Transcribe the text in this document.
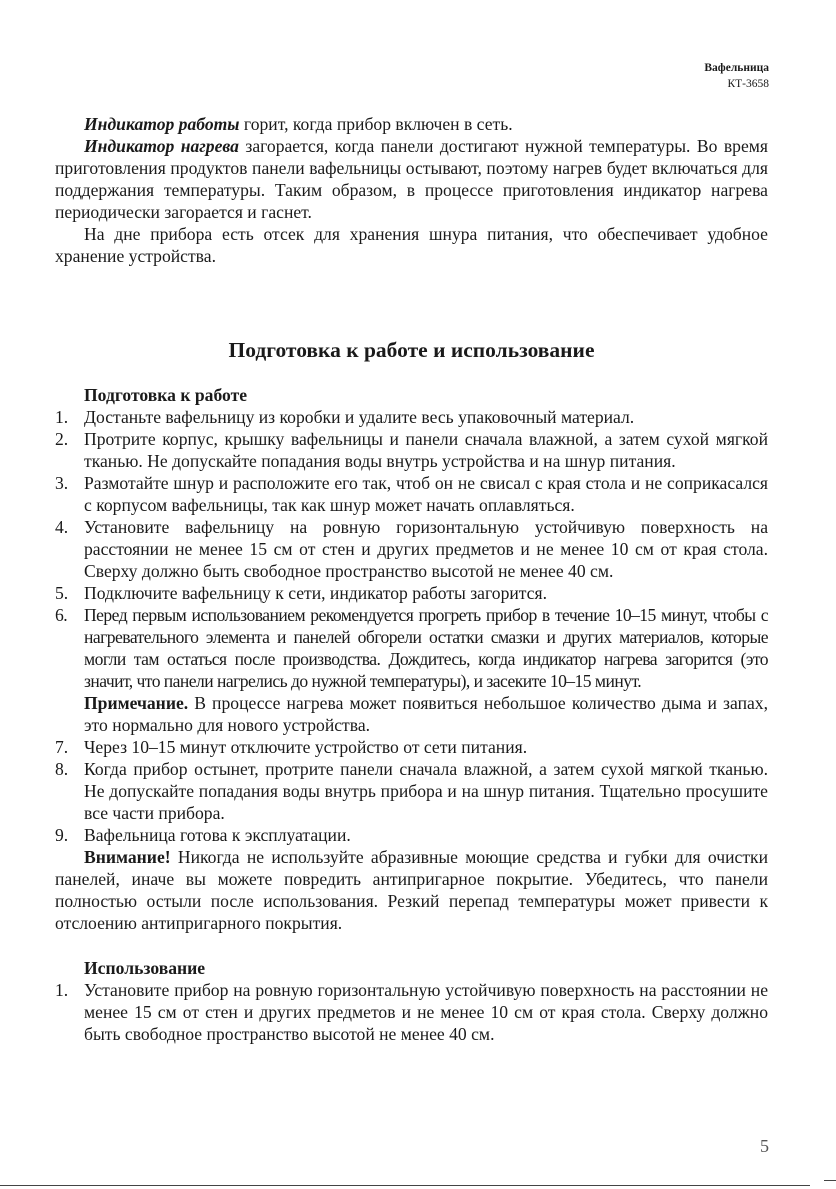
Вафельница
КТ-3658

Индикатор работы горит, когда прибор включен в сеть.

Индикатор нагрева загорается, когда панели достигают нужной температуры. Во время приготовления продуктов панели вафельницы остывают, поэтому нагрев будет включаться для поддержания температуры. Таким образом, в процессе приготовления индикатор нагрева периодически загорается и гаснет.

На дне прибора есть отсек для хранения шнура питания, что обеспечивает удобное хранение устройства.

Подготовка к работе и использование
Подготовка к работе
1. Достаньте вафельницу из коробки и удалите весь упаковочный материал.
2. Протрите корпус, крышку вафельницы и панели сначала влажной, а затем сухой мягкой тканью. Не допускайте попадания воды внутрь устройства и на шнур питания.
3. Размотайте шнур и расположите его так, чтоб он не свисал с края стола и не соприкасался с корпусом вафельницы, так как шнур может начать оплавляться.
4. Установите вафельницу на ровную горизонтальную устойчивую поверхность на расстоянии не менее 15 см от стен и других предметов и не менее 10 см от края стола. Сверху должно быть свободное пространство высотой не менее 40 см.
5. Подключите вафельницу к сети, индикатор работы загорится.
6. Перед первым использованием рекомендуется прогреть прибор в течение 10–15 минут, чтобы с нагревательного элемента и панелей обгорели остатки смазки и других материалов, которые могли там остаться после производства. Дождитесь, когда индикатор нагрева загорится (это значит, что панели нагрелись до нужной температуры), и засеките 10–15 минут.
Примечание. В процессе нагрева может появиться небольшое количество дыма и запах, это нормально для нового устройства.
7. Через 10–15 минут отключите устройство от сети питания.
8. Когда прибор остынет, протрите панели сначала влажной, а затем сухой мягкой тканью. Не допускайте попадания воды внутрь прибора и на шнур питания. Тщательно просушите все части прибора.
9. Вафельница готова к эксплуатации.

Внимание! Никогда не используйте абразивные моющие средства и губки для очистки панелей, иначе вы можете повредить антипригарное покрытие. Убедитесь, что панели полностью остыли после использования. Резкий перепад температуры может привести к отслоению антипригарного покрытия.

Использование
1. Установите прибор на ровную горизонтальную устойчивую поверхность на расстоянии не менее 15 см от стен и других предметов и не менее 10 см от края стола. Сверху должно быть свободное пространство высотой не менее 40 см.
5
